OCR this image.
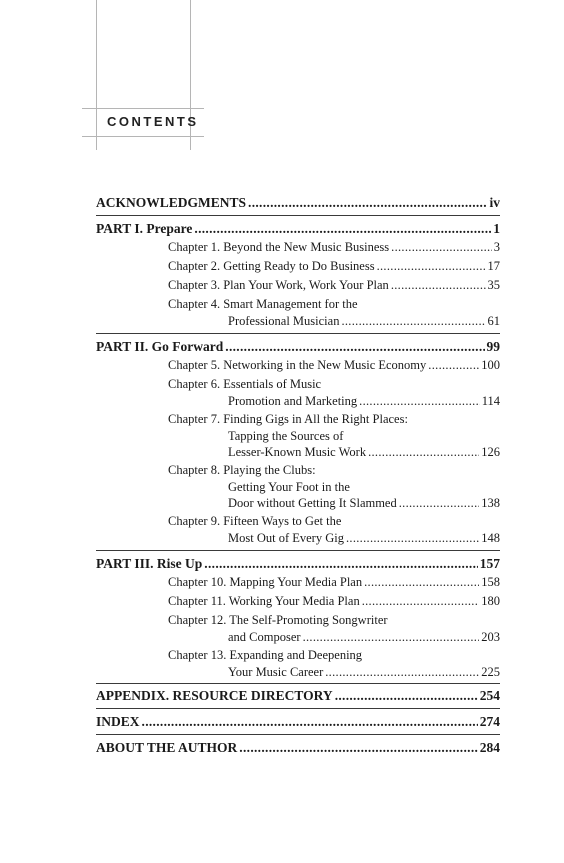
CONTENTS
ACKNOWLEDGMENTS .....	iv
PART I. Prepare .....	1
Chapter 1. Beyond the New Music Business .....	3
Chapter 2. Getting Ready to Do Business .....	17
Chapter 3. Plan Your Work, Work Your Plan .....	35
Chapter 4. Smart Management for the
Professional Musician .....	61
PART II. Go Forward .....	99
Chapter 5. Networking in the New Music Economy .....	100
Chapter 6. Essentials of Music
Promotion and Marketing .....	114
Chapter 7. Finding Gigs in All the Right Places:
Tapping the Sources of
Lesser-Known Music Work .....	126
Chapter 8. Playing the Clubs:
Getting Your Foot in the
Door without Getting It Slammed .....	138
Chapter 9. Fifteen Ways to Get the
Most Out of Every Gig .....	148
PART III. Rise Up .....	157
Chapter 10. Mapping Your Media Plan .....	158
Chapter 11. Working Your Media Plan .....	180
Chapter 12. The Self-Promoting Songwriter
and Composer .....	203
Chapter 13. Expanding and Deepening
Your Music Career .....	225
APPENDIX. RESOURCE DIRECTORY .....	254
INDEX .....	274
ABOUT THE AUTHOR .....	284
